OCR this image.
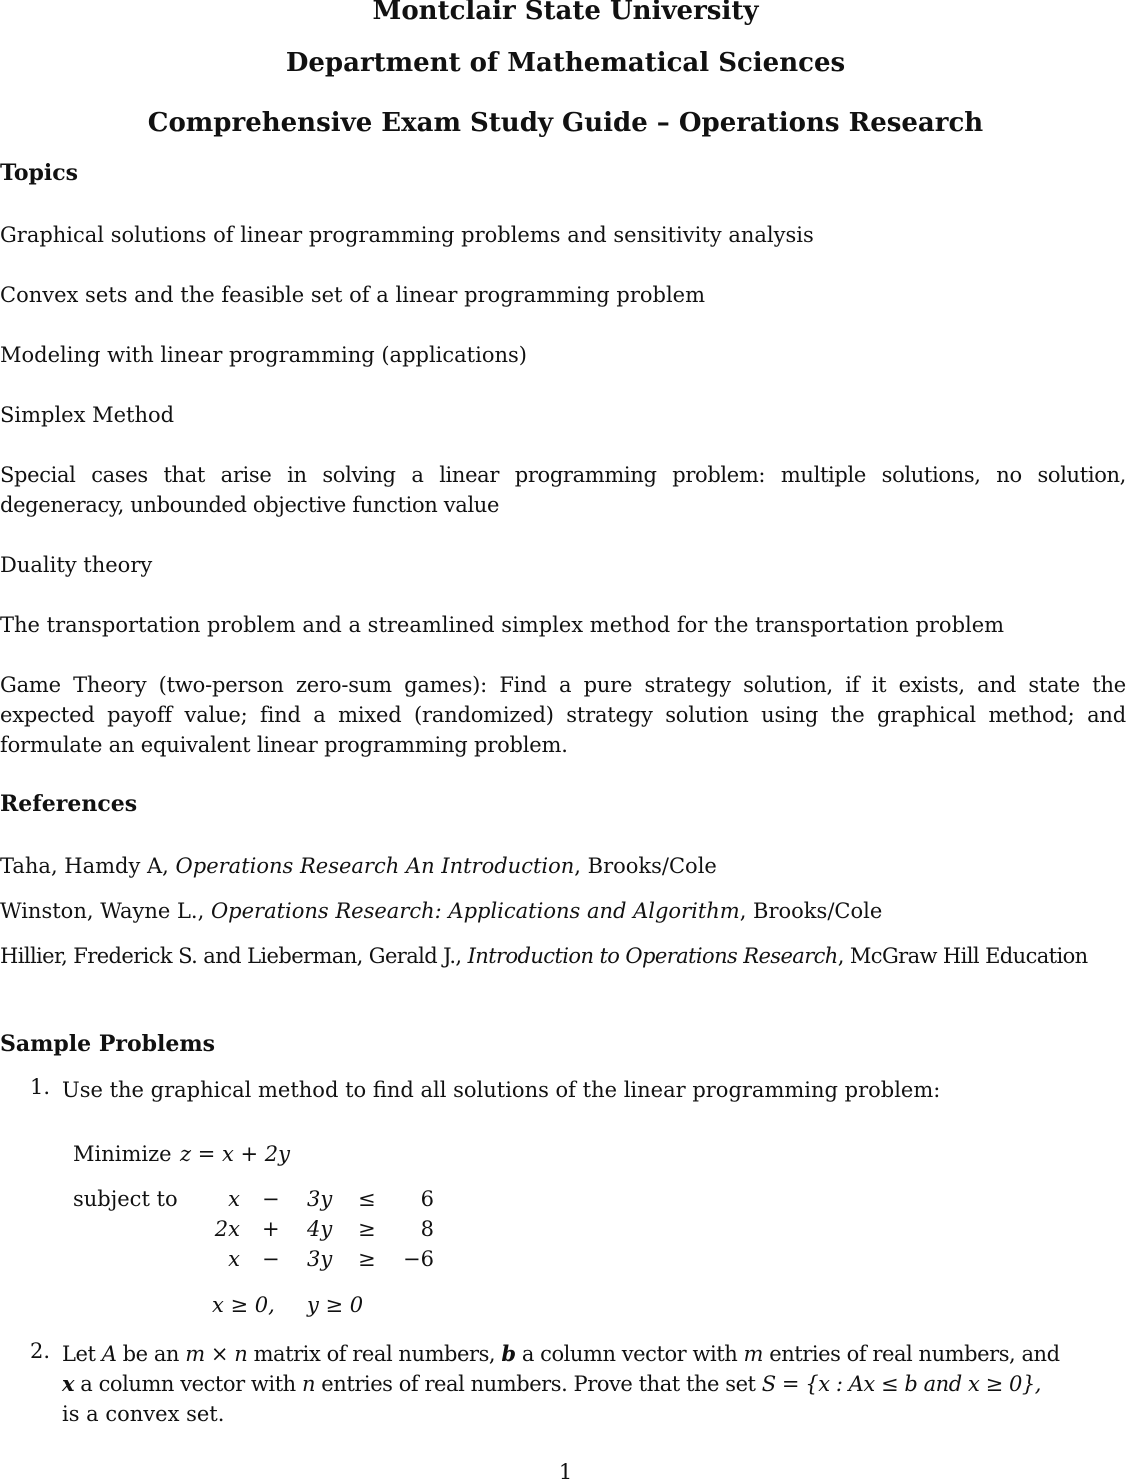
Montclair State University
Department of Mathematical Sciences
Comprehensive Exam Study Guide – Operations Research
Topics
Graphical solutions of linear programming problems and sensitivity analysis
Convex sets and the feasible set of a linear programming problem
Modeling with linear programming (applications)
Simplex Method
Special cases that arise in solving a linear programming problem: multiple solutions, no solution, degeneracy, unbounded objective function value
Duality theory
The transportation problem and a streamlined simplex method for the transportation problem
Game Theory (two-person zero-sum games): Find a pure strategy solution, if it exists, and state the expected payoff value; find a mixed (randomized) strategy solution using the graphical method; and formulate an equivalent linear programming problem.
References
Taha, Hamdy A, Operations Research An Introduction, Brooks/Cole
Winston, Wayne L., Operations Research: Applications and Algorithm, Brooks/Cole
Hillier, Frederick S. and Lieberman, Gerald J., Introduction to Operations Research, McGraw Hill Education
Sample Problems
1. Use the graphical method to find all solutions of the linear programming problem:
Minimize z = x + 2y
subject to	x − 3y ≤	6
2x + 4y ≥	8
x − 3y ≥	−6
x ≥ 0, y ≥ 0
2. Let A be an m × n matrix of real numbers, b a column vector with m entries of real numbers, and
x a column vector with n entries of real numbers. Prove that the set S = {x : Ax ≤ b and x ≥ 0},
is a convex set.
1
